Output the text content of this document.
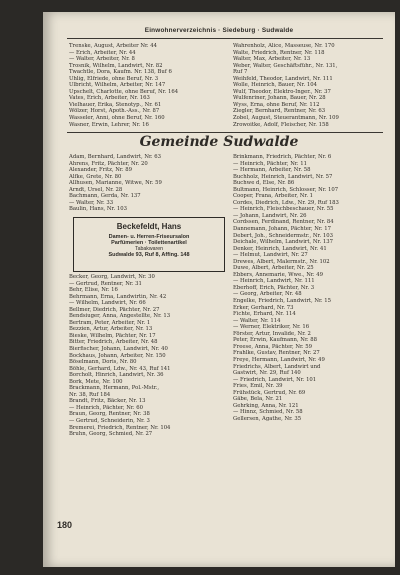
Einwohnerverzeichnis · Siedeburg · Sudwalde
Trenske, August, Arbeiter Nr. 44
— Erich, Arbeiter, Nr. 44
— Walter, Arbeiter, Nr. 8
Trosnik, Wilhelm, Landwirt, Nr. 82
Twachtle, Dora, Kaufm. Nr. 138, Buf 6
Uhlig, Elfriede, ohne Beruf, Nr. 3
Ulbricht, Wilhelm, Arbeiter, Nr. 147
Upschelt, Charlotte, ohne Beruf, Nr. 164
Vates, Erich, Arbeiter, Nr. 163
Vielhauer, Erika, Stenotyp., Nr. 61
Wölzer, Horst, Apoth.-Ass., Nr. 87
Wasseler, Anni, ohne Beruf, Nr. 160
Wasner, Erwin, Lehrer, Nr. 16
Wahrenholz, Alice, Masseuse, Nr. 170
Walte, Friedrich, Rentner, Nr. 118
Walter, Max, Arbeiter, Nr. 13
Weber, Walter, Geschäftsführ., Nr. 131,
Ruf 7
Weihfeld, Theodor, Landwirt, Nr. 111
Wolle, Heinrich, Bauer, Nr. 104
Wulf, Theodor, Elektro-Inger., Nr. 37
Wulfenriner, Johann, Bauer, Nr. 28
Wyss, Erna, ohne Beruf, Nr. 112
Ziegler, Bernhard, Rentner, Nr. 63
Zobel, August, Steuerantmann, Nr. 109
Zrowoitke, Adolf, Fleischer, Nr. 158
Gemeinde Sudwalde
Adam, Bernhard, Landwirt, Nr. 63
Ahrens, Fritz, Pächter, Nr. 20
Alexander, Fritz, Nr. 89
Alfke, Grete, Nr. 80
Allhusen, Marianne, Witwe, Nr. 59
Arndt, Ursel, Nr. 28
Bachmann, Gerda, Nr. 137
— Walter, Nr. 33
Baulin, Hans, Nr. 103
Beckefeldt, Hans
Damen- u. Herren-Friseursalon
Parfümerien · Toilettenartikel
Tabakwaren
Sudwalde 93, Ruf 8, Affing. 148
Becker, Georg, Landwirt, Nr. 30
— Gertrud, Rentner, Nr. 31
Behr, Elise, Nr. 16
Behrmann, Erna, Landwirtin, Nr. 42
— Wilhelm, Landwirt, Nr. 66
Bellmer, Diedrich, Pächter, Nr. 27
Bendsiuger, Anna, Angestellte, Nr. 13
Bertram, Peter, Arbeiter, Nr. 1
Bezzien, Artur, Arbeiter, Nr. 13
Bieske, Wilhelm, Pächter, Nr. 17
Bitter, Friedrich, Arbeiter, Nr. 48
Bierfischer, Johann, Landwirt, Nr. 40
Bockhaus, Johann, Arbeiter, Nr. 150
Böselmann, Doris, Nr. 80
Böhle, Gerhard, Ldw., Nr. 43, Ruf 141
Borcholt, Hinrich, Landwirt, Nr. 36
Bork, Mete, Nr. 100
Brackmann, Hermann, Pol.-Mstr.,
Nr. 38, Ruf 184
Brandt, Fritz, Bäcker, Nr. 13
— Heinrich, Pächter, Nr. 60
Braun, Georg, Rentner, Nr. 38
— Gertrud, Schneiderin, Nr. 3
Bremerei, Friedrich, Rentner, Nr. 104
Bruhn, Georg, Schmied, Nr. 27
Brinkmann, Friedrich, Pächter, Nr. 6
— Heinrich, Pächter, Nr. 11
— Hermann, Arbeiter, Nr. 58
Buchholz, Heinrich, Landwirt, Nr. 57
Buchwe d, Else, Nr. 86
Bultmann, Heinrich, Schlosser, Nr. 107
Cooper, Frana, Arbeiter, Nr. 1
Cordes, Diedrich, Ldw., Nr. 29, Ruf 183
— Heinrich, Fleischbeschauer, Nr. 55
— Johann, Landwirt, Nr. 26
Cordssen, Ferdinand, Rentner, Nr. 84
Dannemann, Johann, Pächter, Nr. 17
Debert, Joh., Schneidermstr., Nr. 103
Deichale, Wilhelm, Landwirt, Nr. 137
Denker, Heinrich, Landwirt, Nr. 41
— Helmut, Landwirt, Nr. 27
Drewes, Albert, Malermstr., Nr. 102
Duwe, Albert, Arbeiter, Nr. 25
Ebbers, Annemarie, Wwe., Nr. 49
— Heinrich, Landwirt, Nr. 111
Eberhoff, Erich, Pächter, Nr. 3
— Georg, Arbeiter, Nr. 48
Engelke, Friedrich, Landwirt, Nr. 15
Erker, Gerhard, Nr. 73
Fichte, Erhard, Nr. 114
— Walter, Nr. 114
— Werner, Elektriker, Nr. 16
Förster, Artur, Invalide, Nr. 2
Peter, Erwin, Kaufmann, Nr. 88
Freese, Anna, Pächter, Nr. 59
Frahlke, Gustav, Rentner, Nr. 27
Freye, Hermann, Landwirt, Nr. 49
Friedrichs, Albert, Landwirt und
Gastwirt, Nr. 29, Ruf 140
— Friedrich, Landwirt, Nr. 101
Fries, Emil, Nr. 39
Frühstück, Gertrud, Nr. 69
Gäbe, Bela, Nr. 21
Gehrking, Anna, Nr. 121
— Hinnz, Schmied, Nr. 58
Gellersen, Agathe, Nr. 35
180
